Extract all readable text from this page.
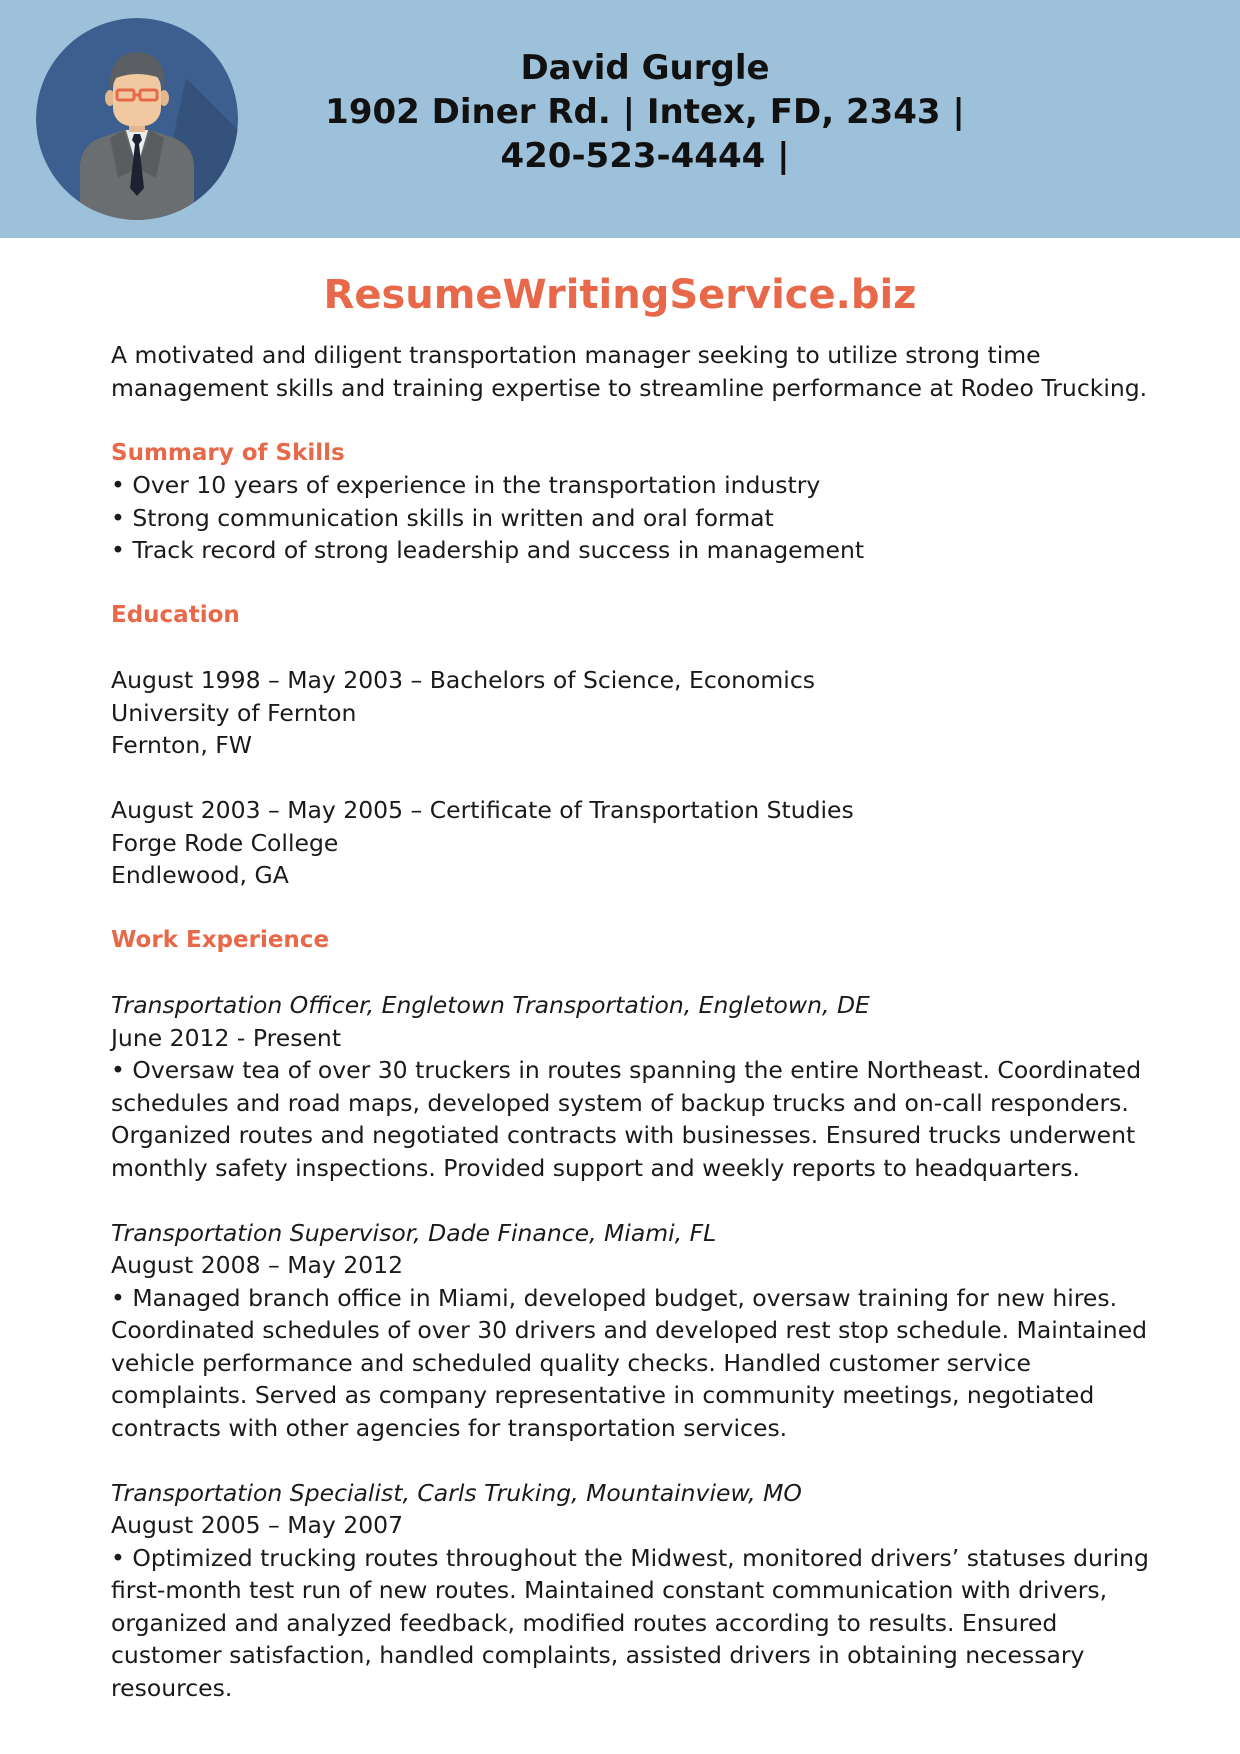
David Gurgle
1902 Diner Rd. | Intex, FD, 2343 |
420-523-4444 |
ResumeWritingService.biz

A motivated and diligent transportation manager seeking to utilize strong time management skills and training expertise to streamline performance at Rodeo Trucking.

Summary of Skills

• Over 10 years of experience in the transportation industry

• Strong communication skills in written and oral format

• Track record of strong leadership and success in management

Education

August 1998 – May 2003 – Bachelors of Science, Economics

University of Fernton

Fernton, FW

August 2003 – May 2005 – Certificate of Transportation Studies

Forge Rode College

Endlewood, GA

Work Experience

Transportation Officer, Engletown Transportation, Engletown, DE

June 2012 - Present

• Oversaw tea of over 30 truckers in routes spanning the entire Northeast. Coordinated schedules and road maps, developed system of backup trucks and on-call responders. Organized routes and negotiated contracts with businesses. Ensured trucks underwent monthly safety inspections. Provided support and weekly reports to headquarters.

Transportation Supervisor, Dade Finance, Miami, FL

August 2008 – May 2012

• Managed branch office in Miami, developed budget, oversaw training for new hires. Coordinated schedules of over 30 drivers and developed rest stop schedule. Maintained vehicle performance and scheduled quality checks. Handled customer service complaints. Served as company representative in community meetings, negotiated contracts with other agencies for transportation services.

Transportation Specialist, Carls Truking, Mountainview, MO

August 2005 – May 2007

• Optimized trucking routes throughout the Midwest, monitored drivers’ statuses during first-month test run of new routes. Maintained constant communication with drivers, organized and analyzed feedback, modified routes according to results. Ensured customer satisfaction, handled complaints, assisted drivers in obtaining necessary resources.
